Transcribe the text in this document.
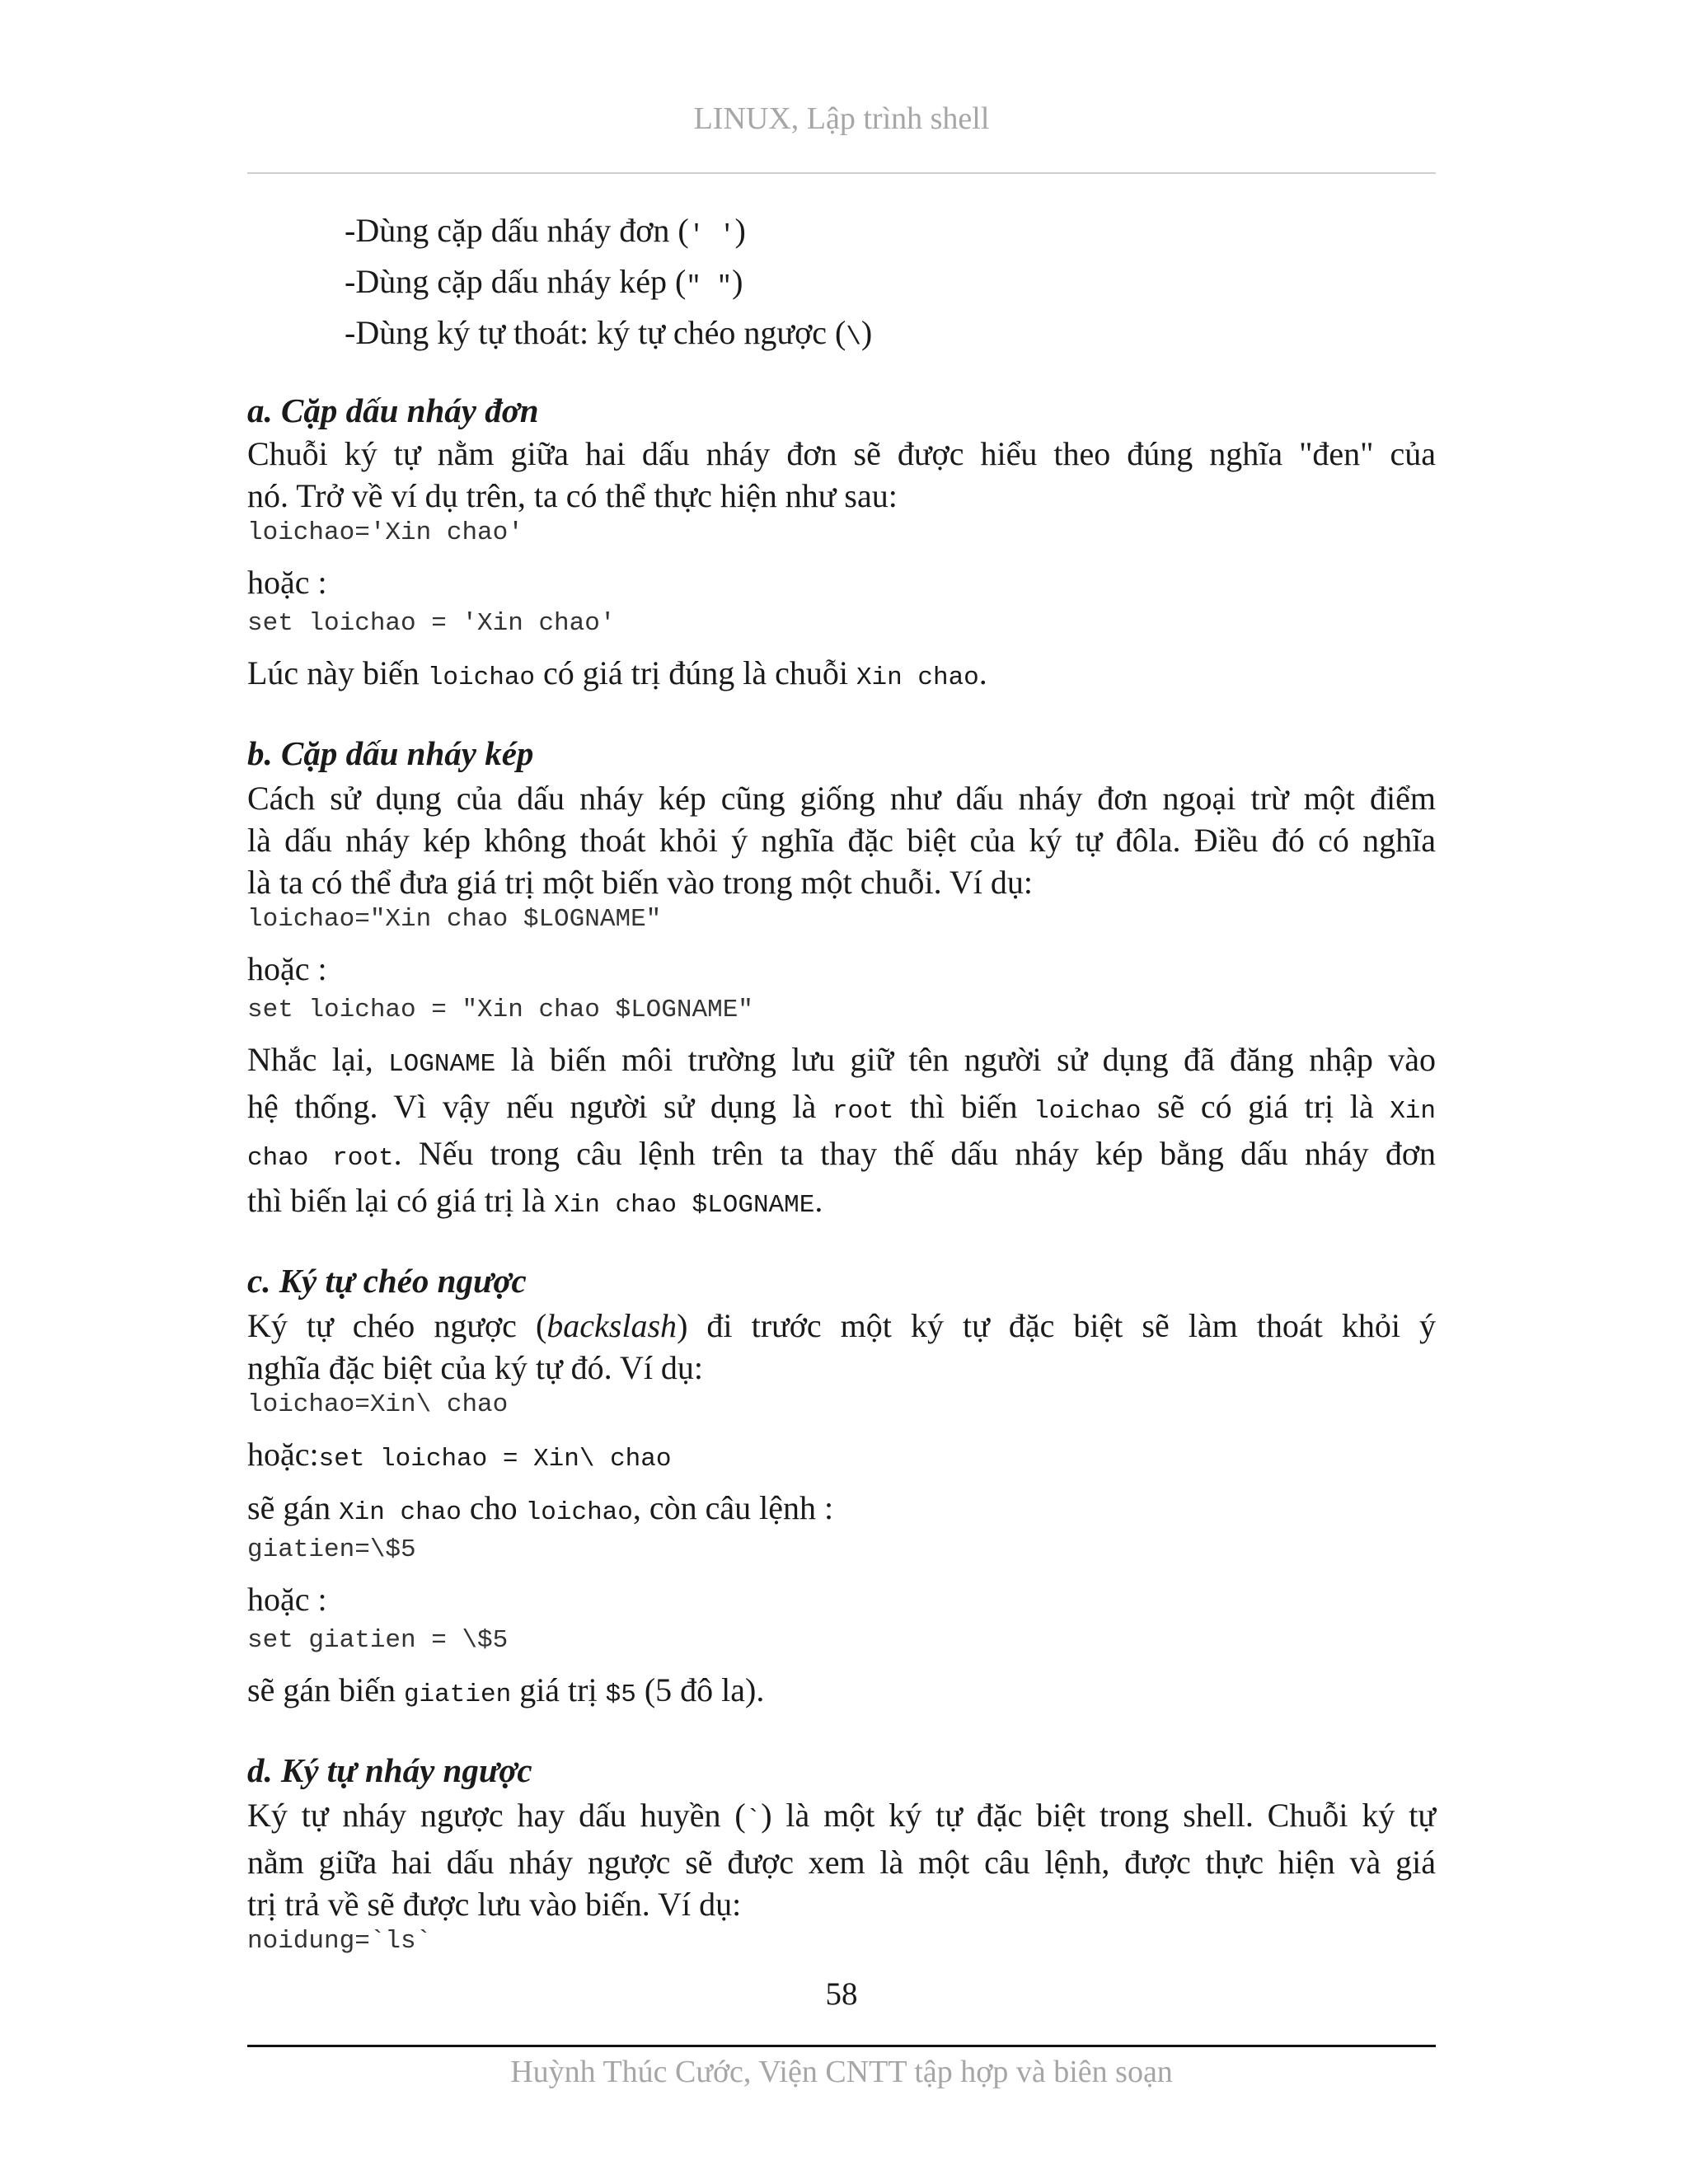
LINUX, Lập trình shell
-Dùng cặp dấu nháy đơn (' ')
-Dùng cặp dấu nháy kép (" ")
-Dùng ký tự thoát: ký tự chéo ngược (\)
a. Cặp dấu nháy đơn
Chuỗi ký tự nằm giữa hai dấu nháy đơn sẽ được hiểu theo đúng nghĩa "đen" của
nó. Trở về ví dụ trên, ta có thể thực hiện như sau:
loichao='Xin chao'
hoặc :
set loichao = 'Xin chao'
Lúc này biến loichao có giá trị đúng là chuỗi Xin chao.
b. Cặp dấu nháy kép
Cách sử dụng của dấu nháy kép cũng giống như dấu nháy đơn ngoại trừ một điểm
là dấu nháy kép không thoát khỏi ý nghĩa đặc biệt của ký tự đôla. Điều đó có nghĩa
là ta có thể đưa giá trị một biến vào trong một chuỗi. Ví dụ:
loichao="Xin chao $LOGNAME"
hoặc :
set loichao = "Xin chao $LOGNAME"
Nhắc lại, LOGNAME là biến môi trường lưu giữ tên người sử dụng đã đăng nhập vào
hệ thống. Vì vậy nếu người sử dụng là root thì biến loichao sẽ có giá trị là Xin
chao root. Nếu trong câu lệnh trên ta thay thế dấu nháy kép bằng dấu nháy đơn
thì biến lại có giá trị là Xin chao $LOGNAME.
c. Ký tự chéo ngược
Ký tự chéo ngược (backslash) đi trước một ký tự đặc biệt sẽ làm thoát khỏi ý
nghĩa đặc biệt của ký tự đó. Ví dụ:
loichao=Xin\ chao
hoặc:set loichao = Xin\ chao
sẽ gán Xin chao cho loichao, còn câu lệnh :
giatien=\$5
hoặc :
set giatien = \$5
sẽ gán biến giatien giá trị $5 (5 đô la).
d. Ký tự nháy ngược
Ký tự nháy ngược hay dấu huyền (`) là một ký tự đặc biệt trong shell. Chuỗi ký tự
nằm giữa hai dấu nháy ngược sẽ được xem là một câu lệnh, được thực hiện và giá
trị trả về sẽ được lưu vào biến. Ví dụ:
noidung=`ls`
58
Huỳnh Thúc Cước, Viện CNTT tập hợp và biên soạn
